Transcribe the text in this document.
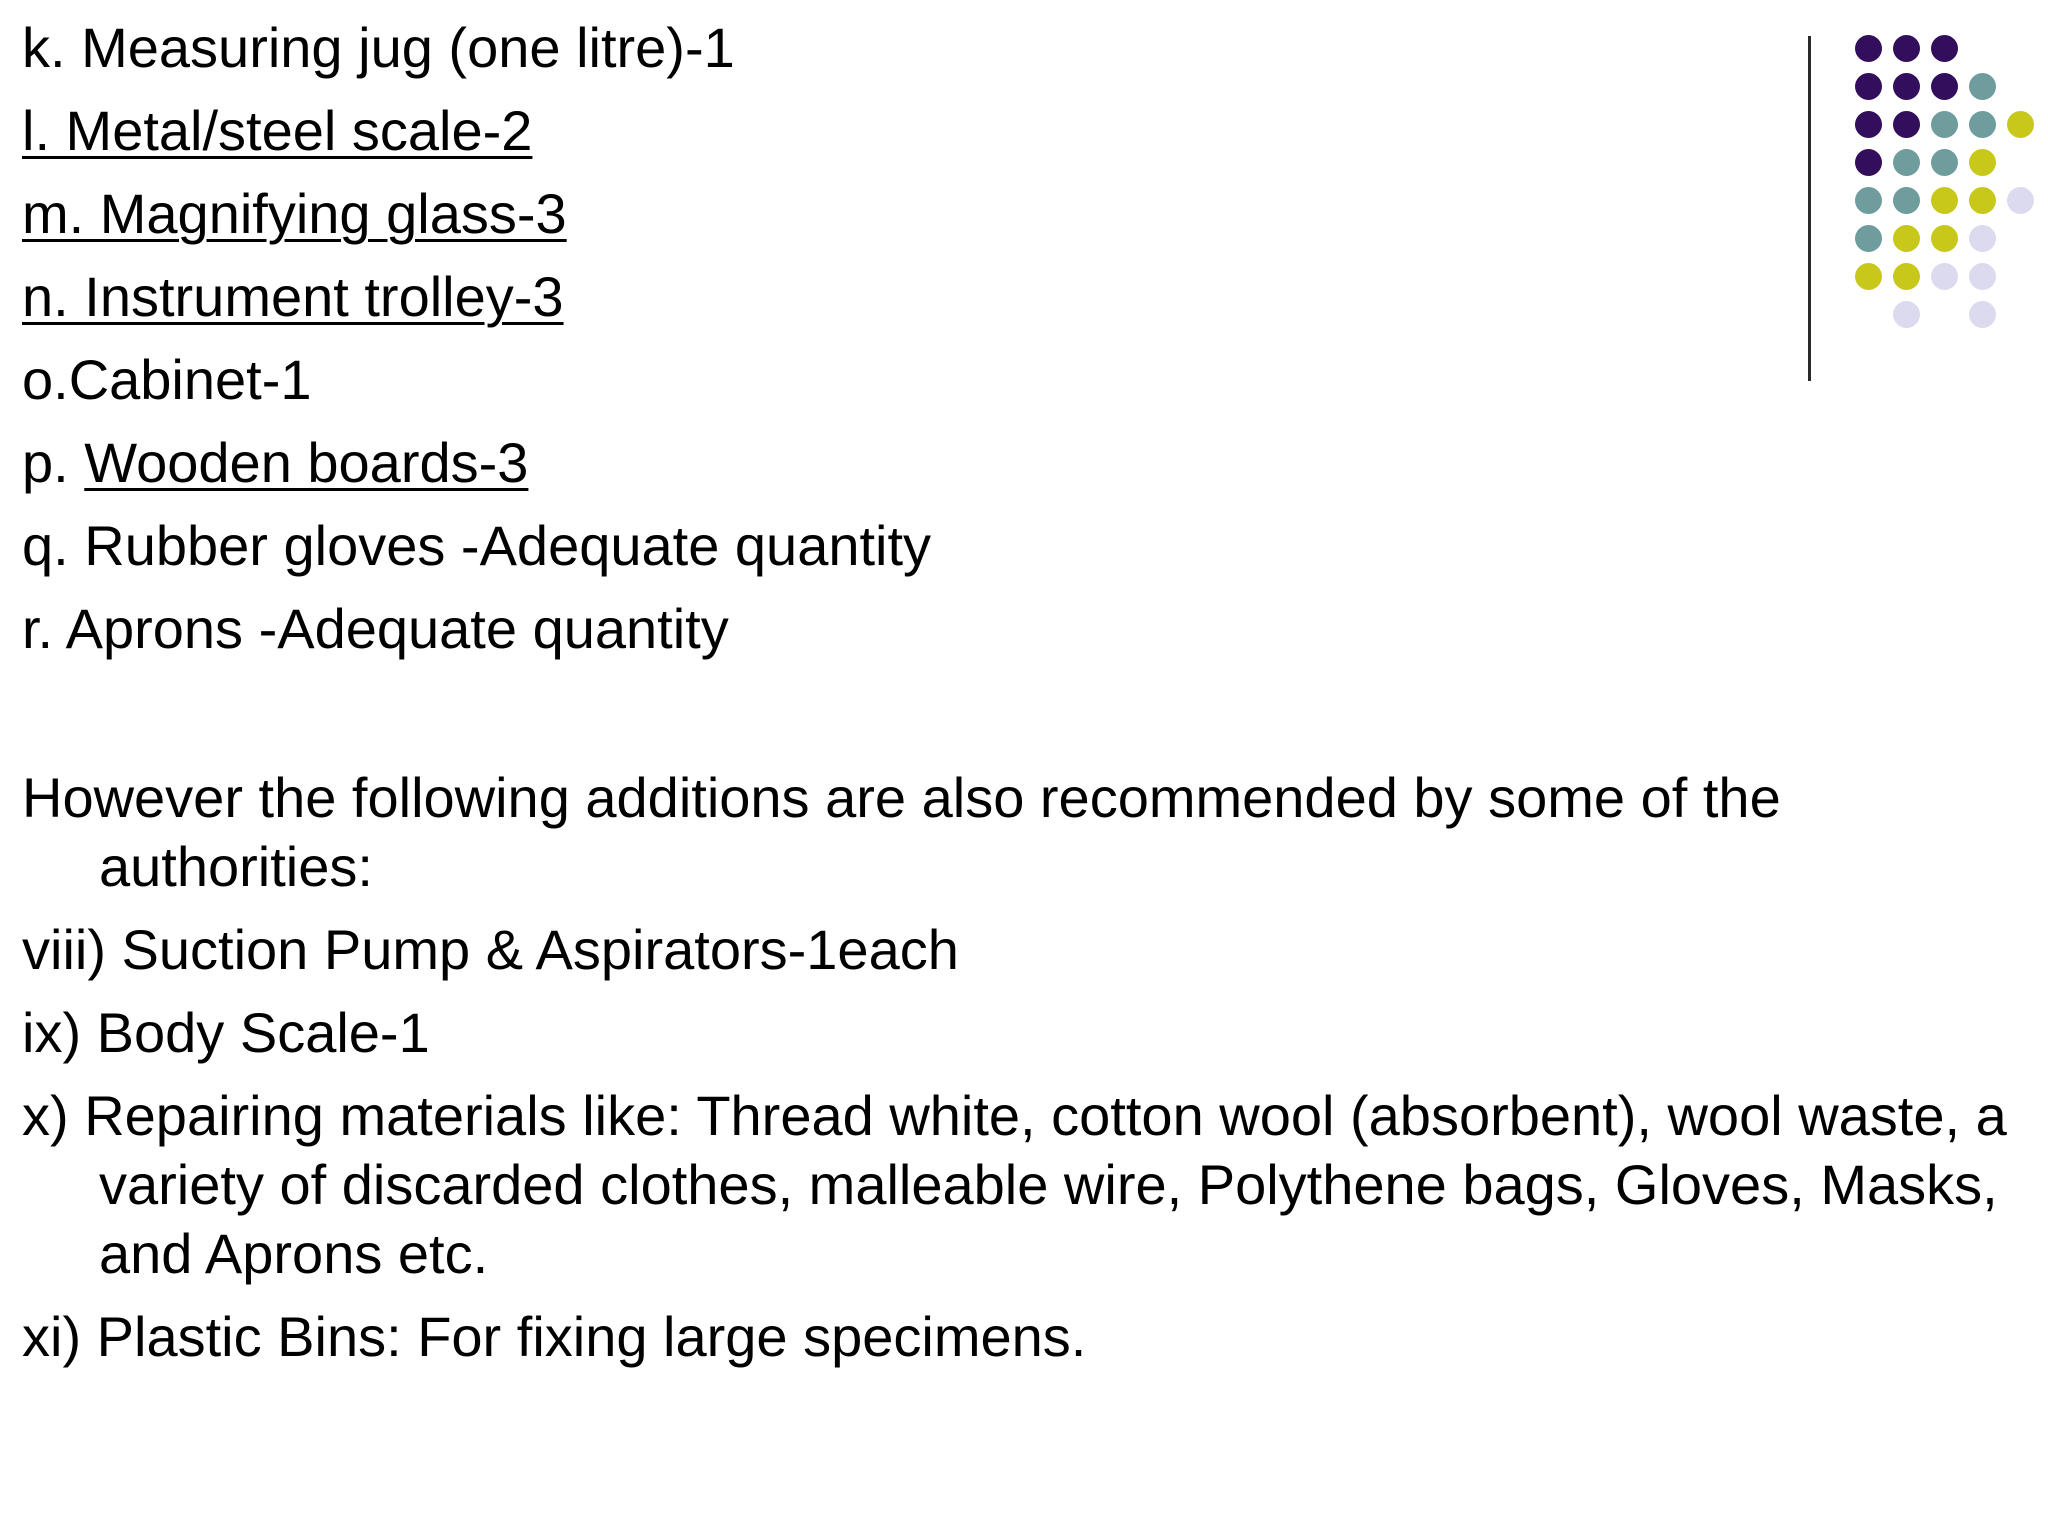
k. Measuring jug (one litre)-1
l. Metal/steel scale-2
m. Magnifying glass-3
n. Instrument trolley-3
o.Cabinet-1
p. Wooden boards-3
q. Rubber gloves -Adequate quantity
r. Aprons -Adequate quantity
However the following additions are also recommended by some of the authorities:
viii) Suction Pump & Aspirators-1each
ix) Body Scale-1
x) Repairing materials like: Thread white, cotton wool (absorbent), wool waste, a variety of discarded clothes, malleable wire, Polythene bags, Gloves, Masks, and Aprons etc.
xi) Plastic Bins: For fixing large specimens.
